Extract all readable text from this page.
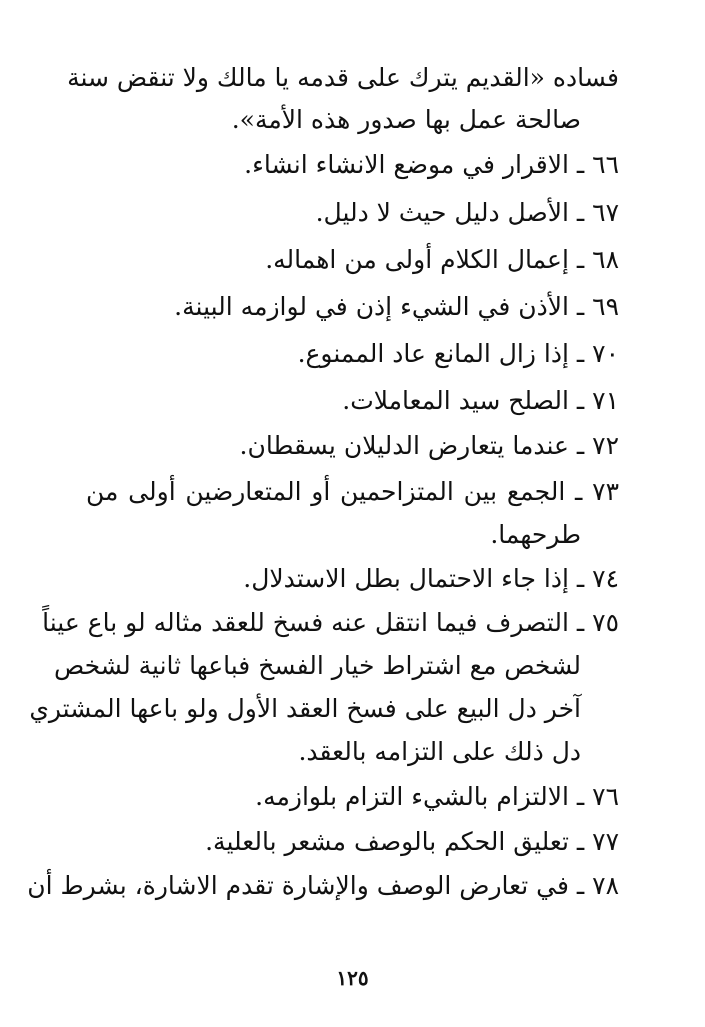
فساده «القديم يترك على قدمه يا مالك ولا تنقض سنة
صالحة عمل بها صدور هذه الأمة».
٦٦ ـ الاقرار في موضع الانشاء انشاء.
٦٧ ـ الأصل دليل حيث لا دليل.
٦٨ ـ إعمال الكلام أولى من اهماله.
٦٩ ـ الأذن في الشيء إذن في لوازمه البينة.
٧٠ ـ إذا زال المانع عاد الممنوع.
٧١ ـ الصلح سيد المعاملات.
٧٢ ـ عندما يتعارض الدليلان يسقطان.
٧٣ ـ الجمع بين المتزاحمين أو المتعارضين أولى من
طرحهما.
٧٤ ـ إذا جاء الاحتمال بطل الاستدلال.
٧٥ ـ التصرف فيما انتقل عنه فسخ للعقد مثاله لو باع عيناً
لشخص مع اشتراط خيار الفسخ فباعها ثانية لشخص
آخر دل البيع على فسخ العقد الأول ولو باعها المشتري
دل ذلك على التزامه بالعقد.
٧٦ ـ الالتزام بالشيء التزام بلوازمه.
٧٧ ـ تعليق الحكم بالوصف مشعر بالعلية.
٧٨ ـ في تعارض الوصف والإشارة تقدم الاشارة، بشرط أن
١٢٥
